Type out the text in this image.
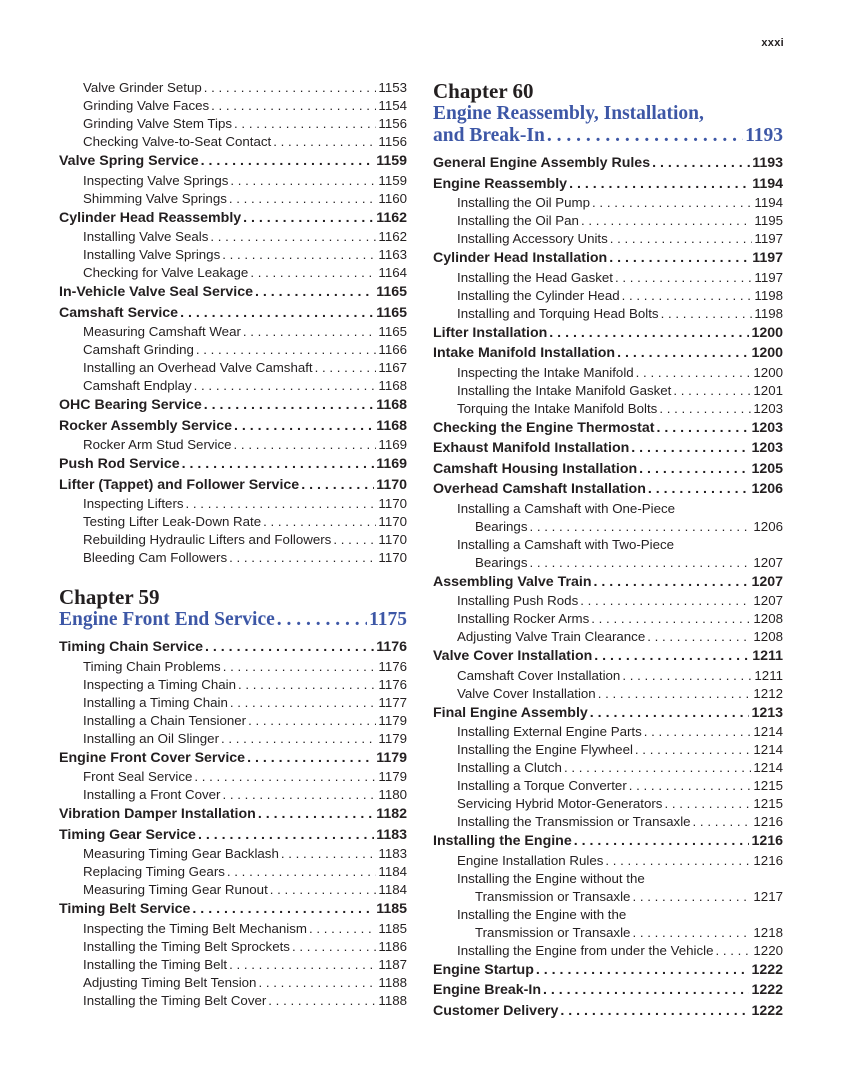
xxxi
Valve Grinder Setup . . .	1153
Grinding Valve Faces . . .	1154
Grinding Valve Stem Tips . . .	1156
Checking Valve-to-Seat Contact . . .	1156
Valve Spring Service . . .	1159
Inspecting Valve Springs . . .	1159
Shimming Valve Springs . . .	1160
Cylinder Head Reassembly . . .	1162
Installing Valve Seals . . .	1162
Installing Valve Springs . . .	1163
Checking for Valve Leakage . . .	1164
In-Vehicle Valve Seal Service . . .	1165
Camshaft Service . . .	1165
Measuring Camshaft Wear . . .	1165
Camshaft Grinding . . .	1166
Installing an Overhead Valve Camshaft . . .	1167
Camshaft Endplay . . .	1168
OHC Bearing Service . . .	1168
Rocker Assembly Service . . .	1168
Rocker Arm Stud Service . . .	1169
Push Rod Service . . .	1169
Lifter (Tappet) and Follower Service . . .	1170
Inspecting Lifters . . .	1170
Testing Lifter Leak-Down Rate . . .	1170
Rebuilding Hydraulic Lifters and Followers . . .	1170
Bleeding Cam Followers . . .	1170
Chapter 59
Engine Front End Service . . .	1175
Timing Chain Service . . .	1176
Timing Chain Problems . . .	1176
Inspecting a Timing Chain . . .	1176
Installing a Timing Chain . . .	1177
Installing a Chain Tensioner . . .	1179
Installing an Oil Slinger . . .	1179
Engine Front Cover Service . . .	1179
Front Seal Service . . .	1179
Installing a Front Cover . . .	1180
Vibration Damper Installation . . .	1182
Timing Gear Service . . .	1183
Measuring Timing Gear Backlash . . .	1183
Replacing Timing Gears . . .	1184
Measuring Timing Gear Runout . . .	1184
Timing Belt Service . . .	1185
Inspecting the Timing Belt Mechanism . . .	1185
Installing the Timing Belt Sprockets . . .	1186
Installing the Timing Belt . . .	1187
Adjusting Timing Belt Tension . . .	1188
Installing the Timing Belt Cover . . .	1188
Chapter 60
Engine Reassembly, Installation,
and Break-In . . .	1193
General Engine Assembly Rules . . .	1193
Engine Reassembly . . .	1194
Installing the Oil Pump . . .	1194
Installing the Oil Pan . . .	1195
Installing Accessory Units . . .	1197
Cylinder Head Installation . . .	1197
Installing the Head Gasket . . .	1197
Installing the Cylinder Head . . .	1198
Installing and Torquing Head Bolts . . .	1198
Lifter Installation . . .	1200
Intake Manifold Installation . . .	1200
Inspecting the Intake Manifold . . .	1200
Installing the Intake Manifold Gasket . . .	1201
Torquing the Intake Manifold Bolts . . .	1203
Checking the Engine Thermostat . . .	1203
Exhaust Manifold Installation . . .	1203
Camshaft Housing Installation . . .	1205
Overhead Camshaft Installation . . .	1206
Installing a Camshaft with One-Piece
Bearings . . .	1206
Installing a Camshaft with Two-Piece
Bearings . . .	1207
Assembling Valve Train . . .	1207
Installing Push Rods . . .	1207
Installing Rocker Arms . . .	1208
Adjusting Valve Train Clearance . . .	1208
Valve Cover Installation . . .	1211
Camshaft Cover Installation . . .	1211
Valve Cover Installation . . .	1212
Final Engine Assembly . . .	1213
Installing External Engine Parts . . .	1214
Installing the Engine Flywheel . . .	1214
Installing a Clutch . . .	1214
Installing a Torque Converter . . .	1215
Servicing Hybrid Motor-Generators . . .	1215
Installing the Transmission or Transaxle . . .	1216
Installing the Engine . . .	1216
Engine Installation Rules . . .	1216
Installing the Engine without the
Transmission or Transaxle . . .	1217
Installing the Engine with the
Transmission or Transaxle . . .	1218
Installing the Engine from under the Vehicle . . .	1220
Engine Startup . . .	1222
Engine Break-In . . .	1222
Customer Delivery . . .	1222
